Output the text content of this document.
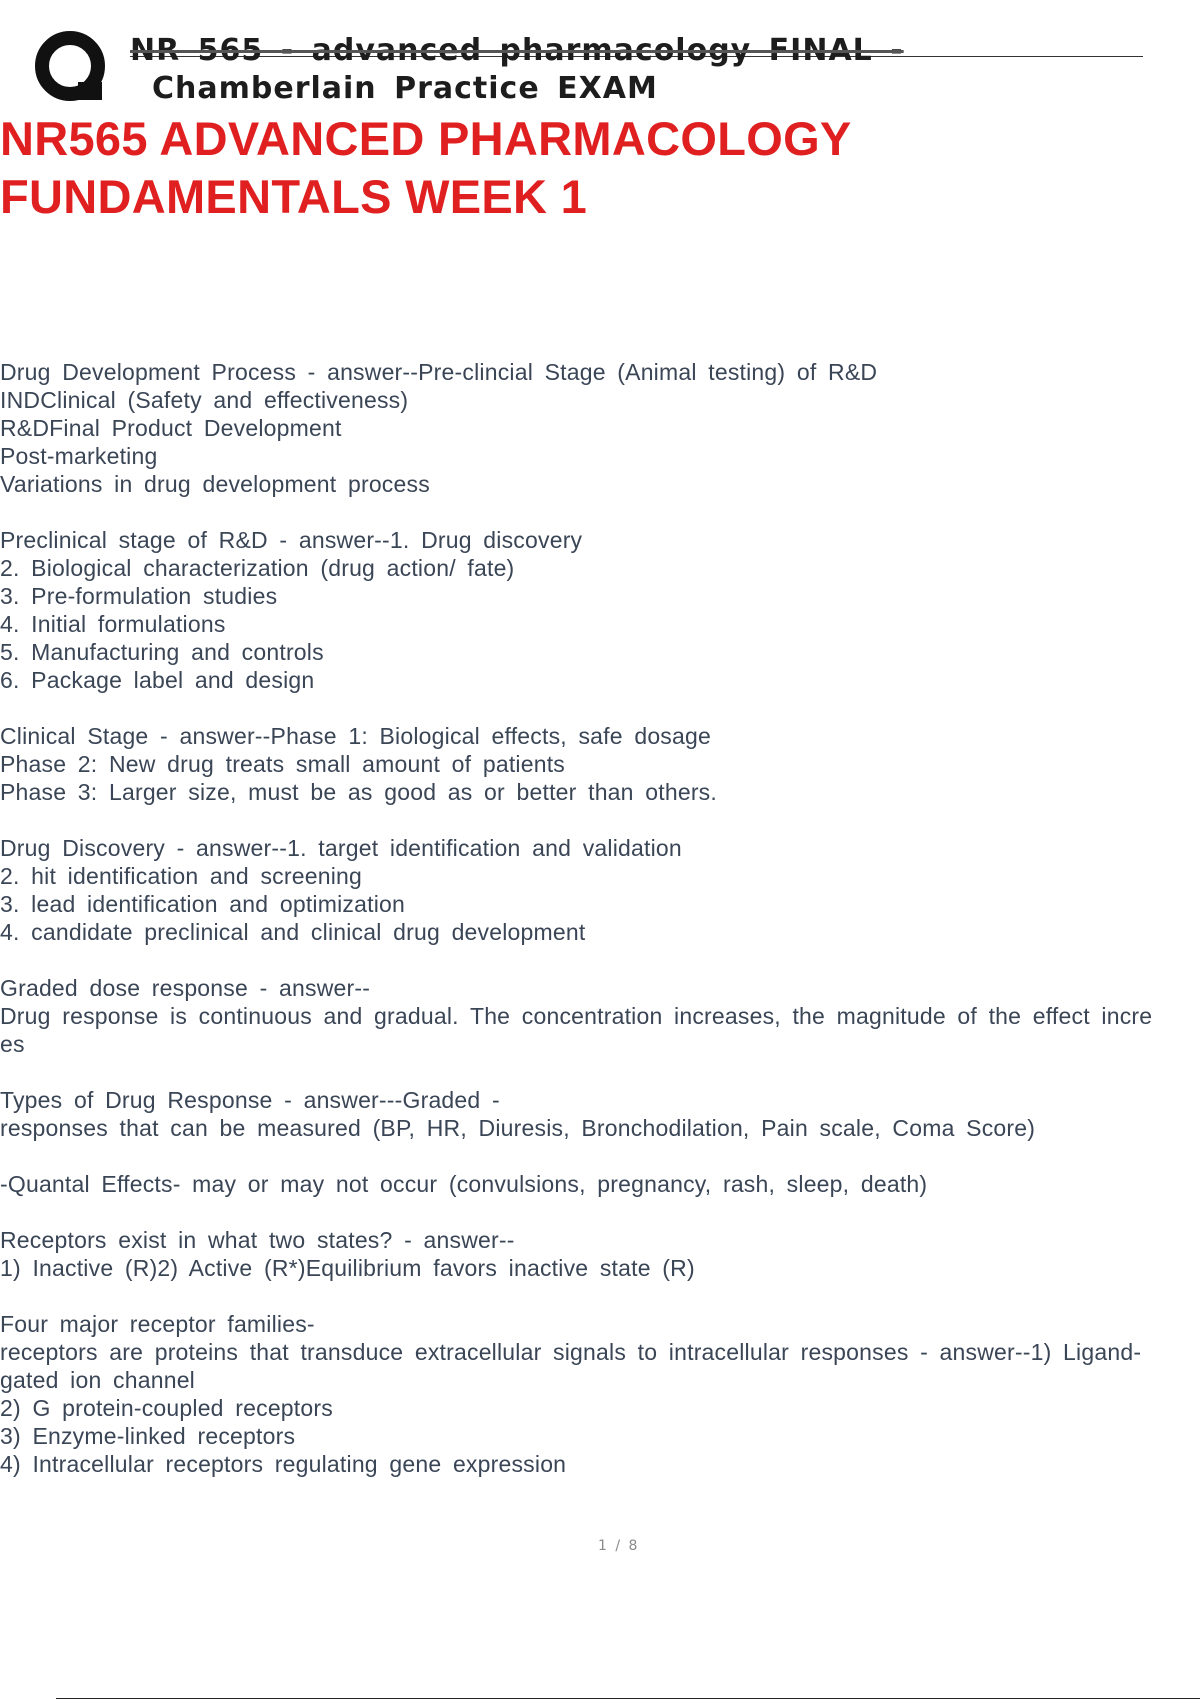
NR 565 - advanced pharmacology FINAL -
Chamberlain Practice EXAM
NR565 ADVANCED PHARMACOLOGY
FUNDAMENTALS WEEK 1
Drug Development Process - answer--Pre-clincial Stage (Animal testing) of R&D
INDClinical (Safety and effectiveness)
R&DFinal Product Development
Post-marketing
Variations in drug development process
Preclinical stage of R&D - answer--1. Drug discovery
2. Biological characterization (drug action/ fate)
3. Pre-formulation studies
4. Initial formulations
5. Manufacturing and controls
6. Package label and design
Clinical Stage - answer--Phase 1: Biological effects, safe dosage
Phase 2: New drug treats small amount of patients
Phase 3: Larger size, must be as good as or better than others.
Drug Discovery - answer--1. target identification and validation
2. hit identification and screening
3. lead identification and optimization
4. candidate preclinical and clinical drug development
Graded dose response - answer--
Drug response is continuous and gradual. The concentration increases, the magnitude of the effect incre
es
Types of Drug Response - answer---Graded -
responses that can be measured (BP, HR, Diuresis, Bronchodilation, Pain scale, Coma Score)
-Quantal Effects- may or may not occur (convulsions, pregnancy, rash, sleep, death)
Receptors exist in what two states? - answer--
1) Inactive (R)2) Active (R*)Equilibrium favors inactive state (R)
Four major receptor families-
receptors are proteins that transduce extracellular signals to intracellular responses - answer--1) Ligand-
gated ion channel
2) G protein-coupled receptors
3) Enzyme-linked receptors
4) Intracellular receptors regulating gene expression
1 / 8
